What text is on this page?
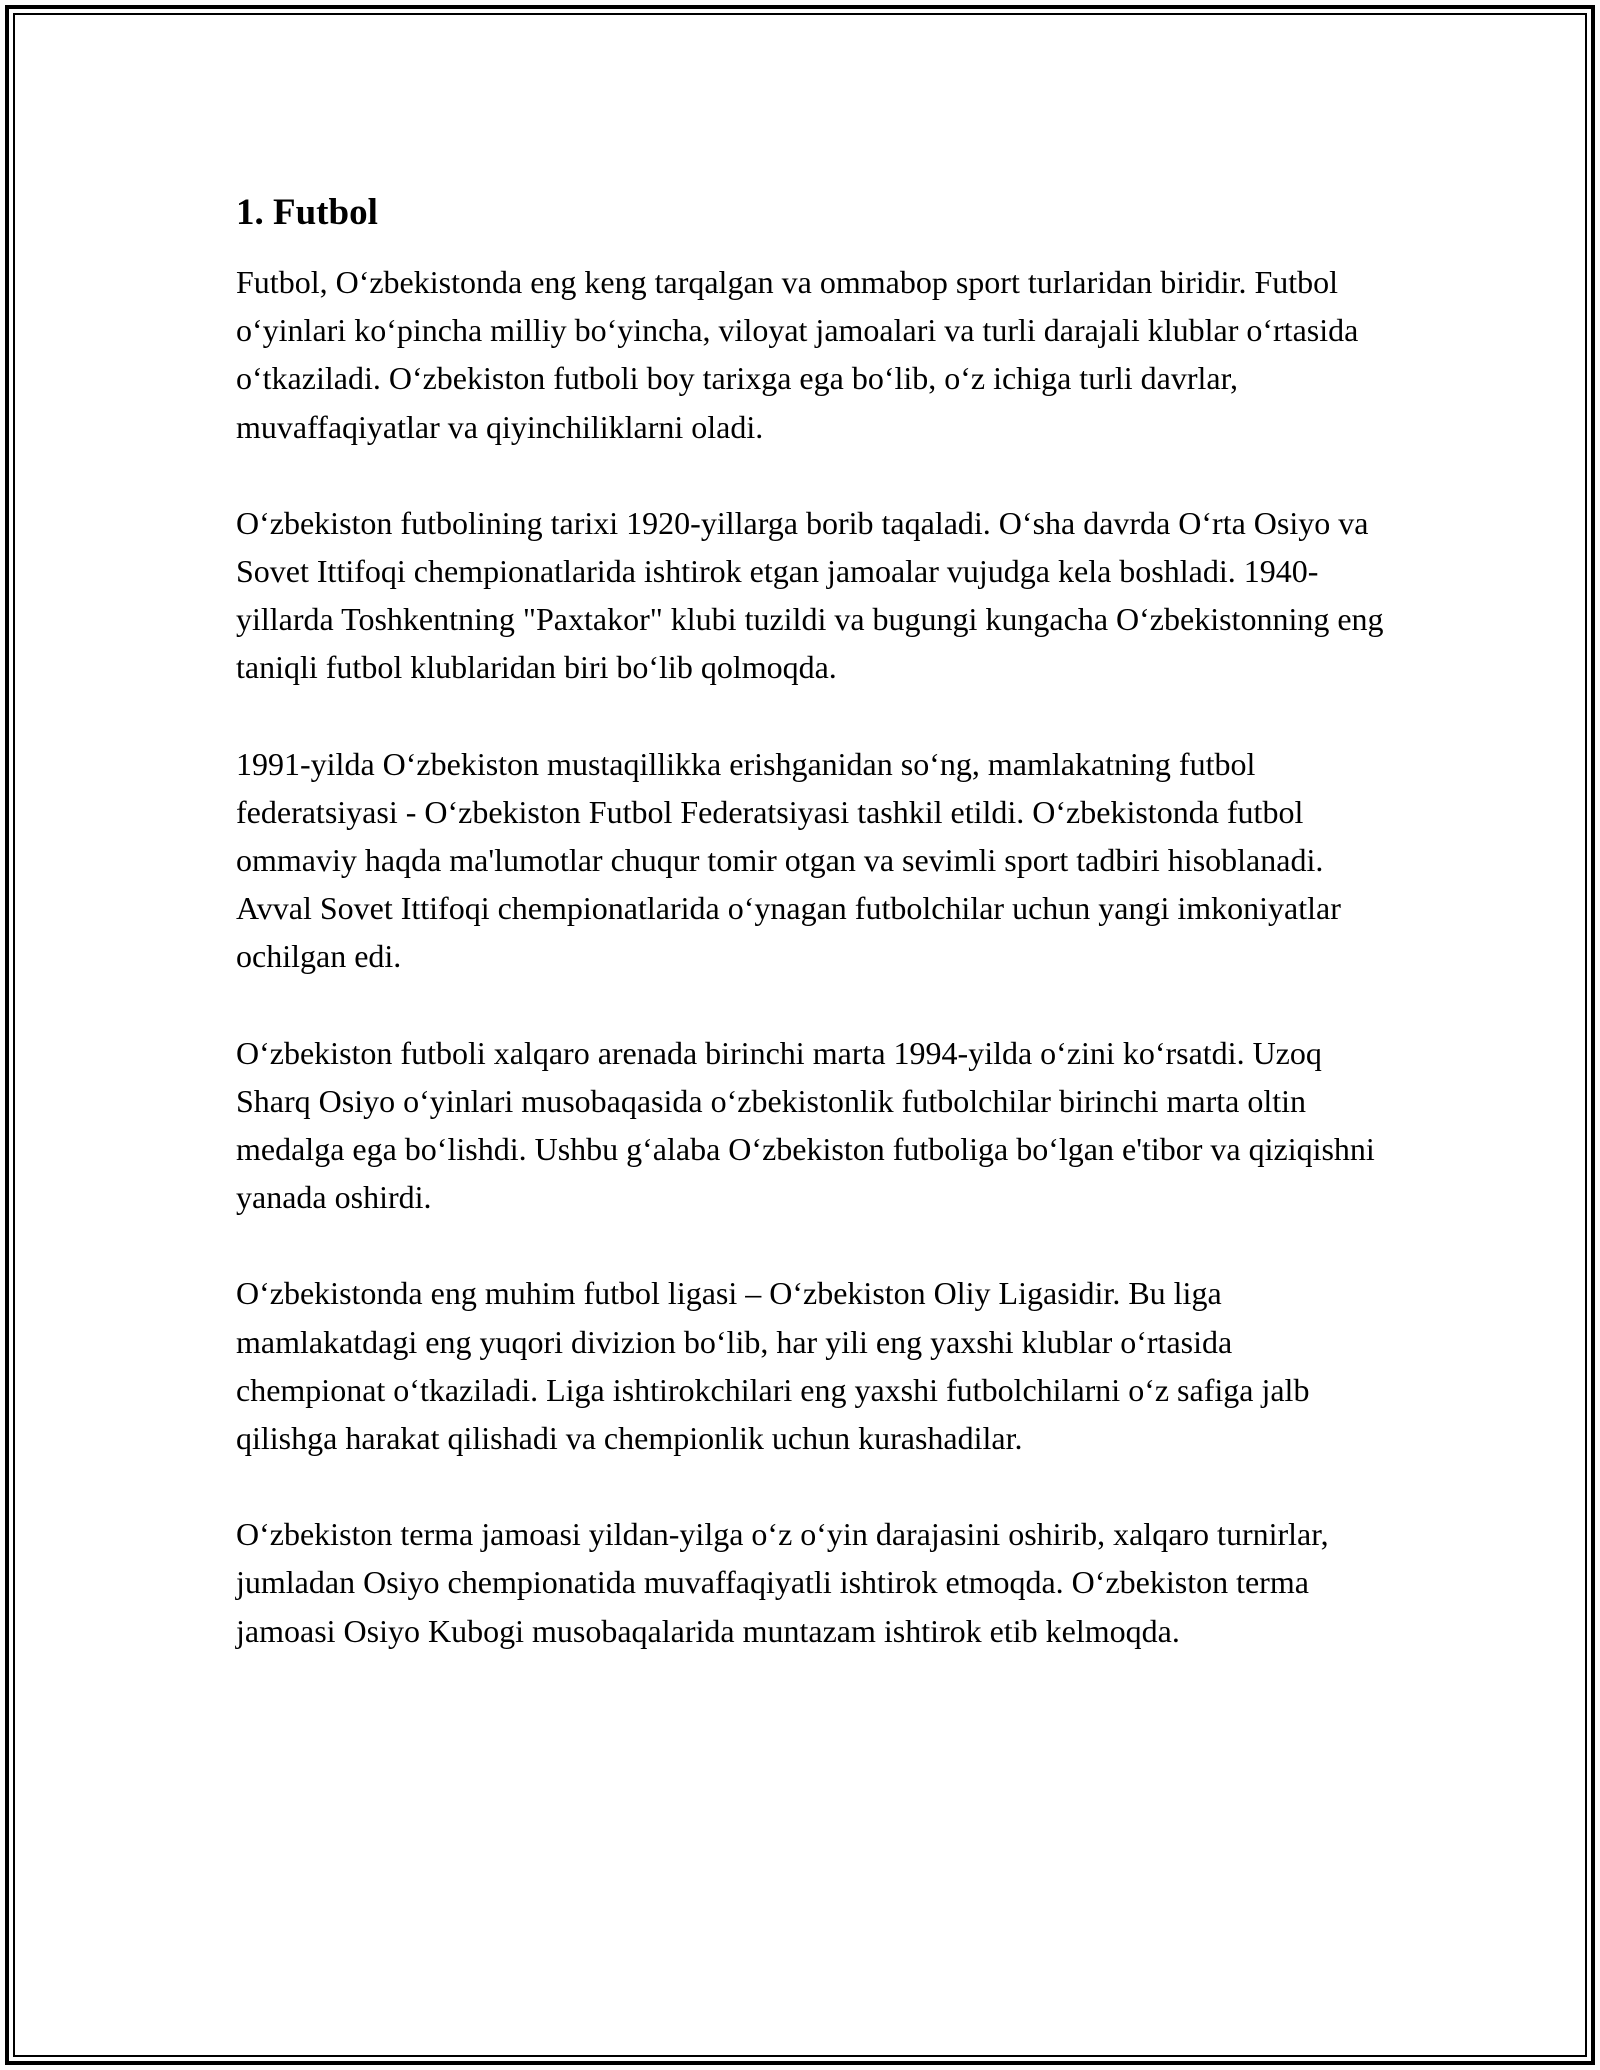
1. Futbol

Futbol, O‘zbekistonda eng keng tarqalgan va ommabop sport turlaridan biridir. Futbol o‘yinlari ko‘pincha milliy bo‘yincha, viloyat jamoalari va turli darajali klublar o‘rtasida o‘tkaziladi. O‘zbekiston futboli boy tarixga ega bo‘lib, o‘z ichiga turli davrlar, muvaffaqiyatlar va qiyinchiliklarni oladi.

O‘zbekiston futbolining tarixi 1920-yillarga borib taqaladi. O‘sha davrda O‘rta Osiyo va Sovet Ittifoqi chempionatlarida ishtirok etgan jamoalar vujudga kela boshladi. 1940-yillarda Toshkentning "Paxtakor" klubi tuzildi va bugungi kungacha O‘zbekistonning eng taniqli futbol klublaridan biri bo‘lib qolmoqda.

1991-yilda O‘zbekiston mustaqillikka erishganidan so‘ng, mamlakatning futbol federatsiyasi - O‘zbekiston Futbol Federatsiyasi tashkil etildi. O‘zbekistonda futbol ommaviy haqda ma'lumotlar chuqur tomir otgan va sevimli sport tadbiri hisoblanadi. Avval Sovet Ittifoqi chempionatlarida o‘ynagan futbolchilar uchun yangi imkoniyatlar ochilgan edi.

O‘zbekiston futboli xalqaro arenada birinchi marta 1994-yilda o‘zini ko‘rsatdi. Uzoq Sharq Osiyo o‘yinlari musobaqasida o‘zbekistonlik futbolchilar birinchi marta oltin medalga ega bo‘lishdi. Ushbu g‘alaba O‘zbekiston futboliga bo‘lgan e'tibor va qiziqishni yanada oshirdi.

O‘zbekistonda eng muhim futbol ligasi – O‘zbekiston Oliy Ligasidir. Bu liga mamlakatdagi eng yuqori divizion bo‘lib, har yili eng yaxshi klublar o‘rtasida chempionat o‘tkaziladi. Liga ishtirokchilari eng yaxshi futbolchilarni o‘z safiga jalb qilishga harakat qilishadi va chempionlik uchun kurashadilar.

O‘zbekiston terma jamoasi yildan-yilga o‘z o‘yin darajasini oshirib, xalqaro turnirlar, jumladan Osiyo chempionatida muvaffaqiyatli ishtirok etmoqda. O‘zbekiston terma jamoasi Osiyo Kubogi musobaqalarida muntazam ishtirok etib kelmoqda.
